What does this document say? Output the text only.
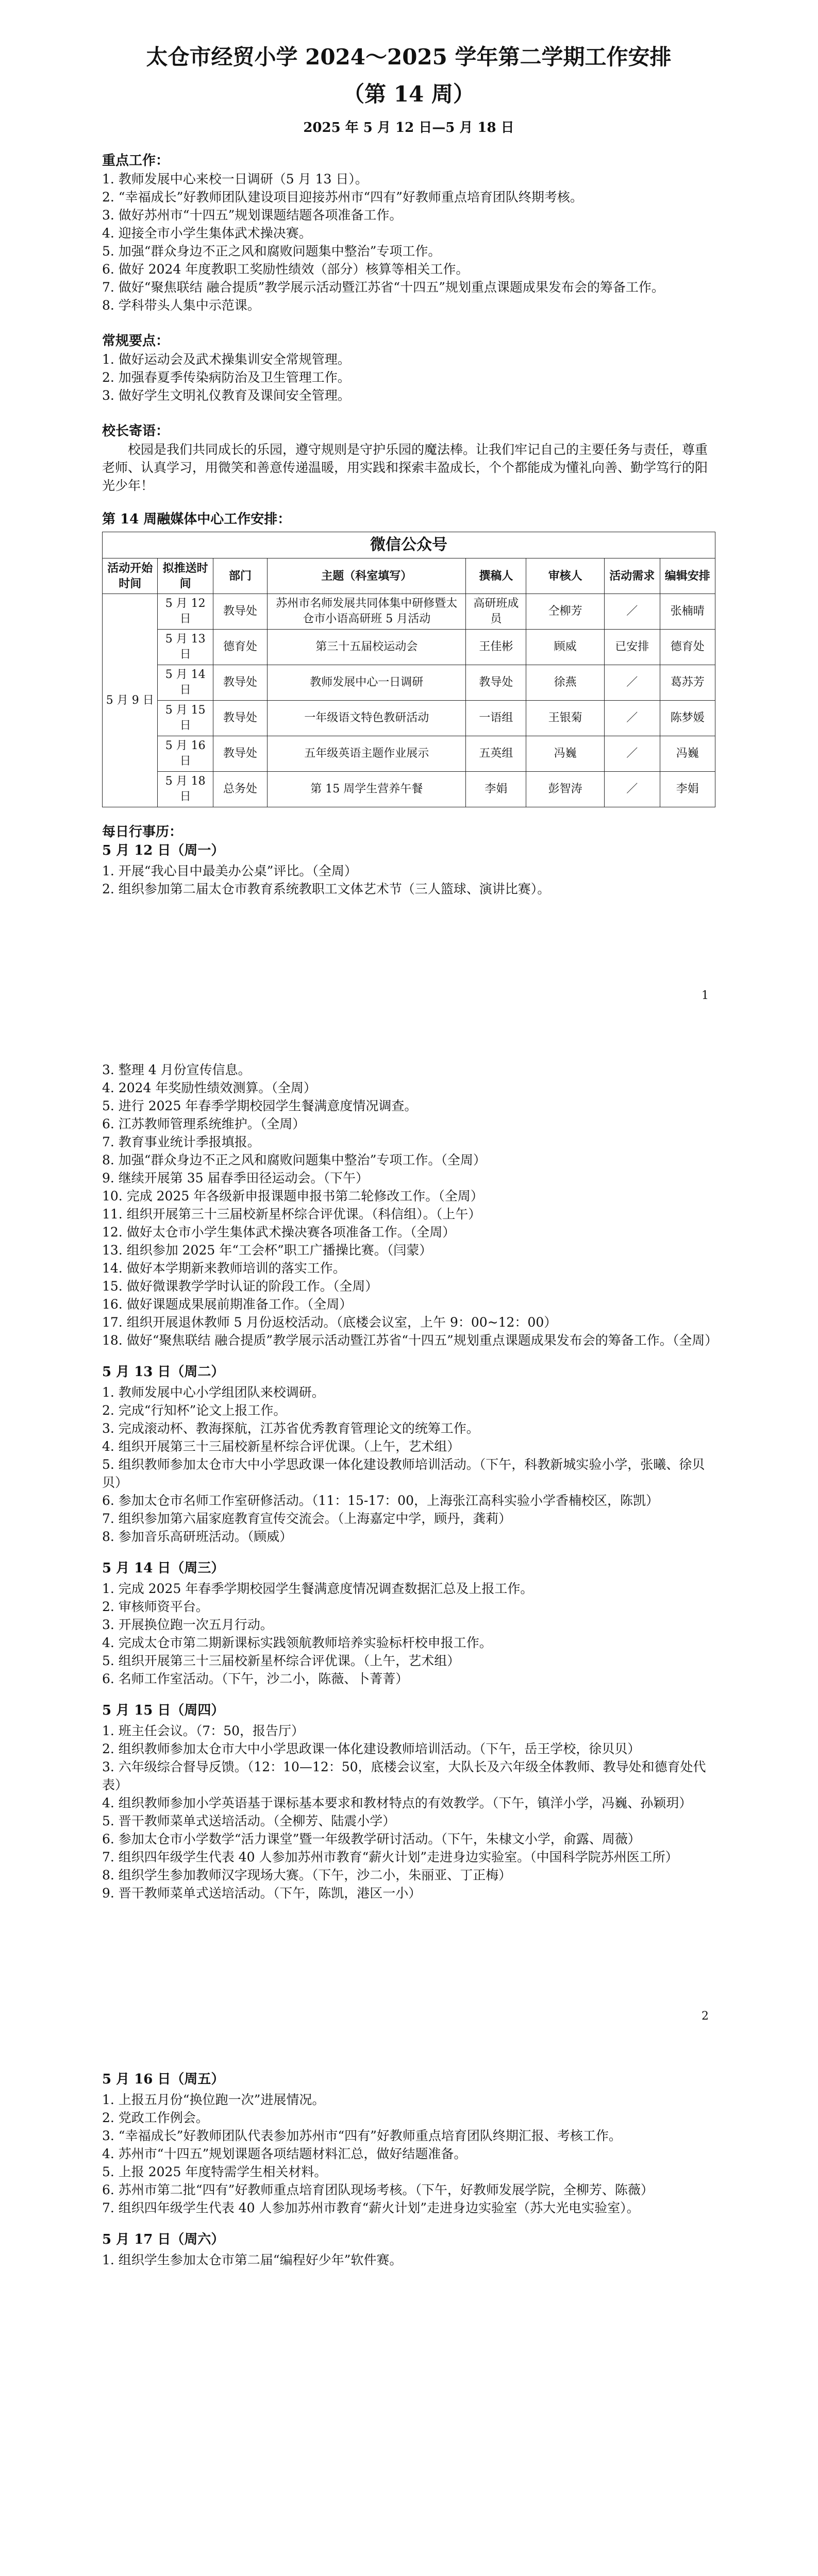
太仓市经贸小学 2024～2025 学年第二学期工作安排
（第 14 周）
2025 年 5 月 12 日—5 月 18 日

重点工作：

1. 教师发展中心来校一日调研（5 月 13 日）。
2. “幸福成长”好教师团队建设项目迎接苏州市“四有”好教师重点培育团队终期考核。
3. 做好苏州市“十四五”规划课题结题各项准备工作。
4. 迎接全市小学生集体武术操决赛。
5. 加强“群众身边不正之风和腐败问题集中整治”专项工作。
6. 做好 2024 年度教职工奖励性绩效（部分）核算等相关工作。
7. 做好“聚焦联结 融合提质”教学展示活动暨江苏省“十四五”规划重点课题成果发布会的筹备工作。
8. 学科带头人集中示范课。

常规要点：

1. 做好运动会及武术操集训安全常规管理。
2. 加强春夏季传染病防治及卫生管理工作。
3. 做好学生文明礼仪教育及课间安全管理。

校长寄语：

校园是我们共同成长的乐园，遵守规则是守护乐园的魔法棒。让我们牢记自己的主要任务与责任，尊重老师、认真学习，用微笑和善意传递温暖，用实践和探索丰盈成长，个个都能成为懂礼向善、勤学笃行的阳光少年！

第 14 周融媒体中心工作安排：

微信公众号							
活动开始时间	拟推送时间	部门	主题（科室填写）	撰稿人	审核人	活动需求	编辑安排
5 月 9 日	5 月 12 日	教导处	苏州市名师发展共同体集中研修暨太仓市小语高研班 5 月活动	高研班成员	仝柳芳	／	张楠晴
	5 月 13 日	德育处	第三十五届校运动会	王佳彬	顾威	已安排	德育处
	5 月 14 日	教导处	教师发展中心一日调研	教导处	徐燕	／	葛苏芳
	5 月 15 日	教导处	一年级语文特色教研活动	一语组	王银菊	／	陈梦媛
	5 月 16 日	教导处	五年级英语主题作业展示	五英组	冯巍	／	冯巍
	5 月 18 日	总务处	第 15 周学生营养午餐	李娟	彭智涛	／	李娟

每日行事历：

5 月 12 日（周一）
1. 开展“我心目中最美办公桌”评比。（全周）
2. 组织参加第二届太仓市教育系统教职工文体艺术节（三人篮球、演讲比赛）。
1
3. 整理 4 月份宣传信息。
4. 2024 年奖励性绩效测算。（全周）
5. 进行 2025 年春季学期校园学生餐满意度情况调查。
6. 江苏教师管理系统维护。（全周）
7. 教育事业统计季报填报。
8. 加强“群众身边不正之风和腐败问题集中整治”专项工作。（全周）
9. 继续开展第 35 届春季田径运动会。（下午）
10. 完成 2025 年各级新申报课题申报书第二轮修改工作。（全周）
11. 组织开展第三十三届校新星杯综合评优课。（科信组）。（上午）
12. 做好太仓市小学生集体武术操决赛各项准备工作。（全周）
13. 组织参加 2025 年“工会杯”职工广播操比赛。（闫蒙）
14. 做好本学期新来教师培训的落实工作。
15. 做好微课教学学时认证的阶段工作。（全周）
16. 做好课题成果展前期准备工作。（全周）
17. 组织开展退休教师 5 月份返校活动。（底楼会议室，上午 9：00~12：00）
18. 做好“聚焦联结 融合提质”教学展示活动暨江苏省“十四五”规划重点课题成果发布会的筹备工作。（全周）
5 月 13 日（周二）
1. 教师发展中心小学组团队来校调研。
2. 完成“行知杯”论文上报工作。
3. 完成滚动杯、教海探航，江苏省优秀教育管理论文的统筹工作。
4. 组织开展第三十三届校新星杯综合评优课。（上午，艺术组）
5. 组织教师参加太仓市大中小学思政课一体化建设教师培训活动。（下午，科教新城实验小学，张曦、徐贝贝）
6. 参加太仓市名师工作室研修活动。（11：15-17：00，上海张江高科实验小学香楠校区，陈凯）
7. 组织参加第六届家庭教育宣传交流会。（上海嘉定中学，顾丹，龚莉）
8. 参加音乐高研班活动。（顾威）
5 月 14 日（周三）
1. 完成 2025 年春季学期校园学生餐满意度情况调查数据汇总及上报工作。
2. 审核师资平台。
3. 开展换位跑一次五月行动。
4. 完成太仓市第二期新课标实践领航教师培养实验标杆校申报工作。
5. 组织开展第三十三届校新星杯综合评优课。（上午，艺术组）
6. 名师工作室活动。（下午，沙二小，陈薇、卜菁菁）
5 月 15 日（周四）
1. 班主任会议。（7：50，报告厅）
2. 组织教师参加太仓市大中小学思政课一体化建设教师培训活动。（下午，岳王学校，徐贝贝）
3. 六年级综合督导反馈。（12：10—12：50，底楼会议室，大队长及六年级全体教师、教导处和德育处代表）
4. 组织教师参加小学英语基于课标基本要求和教材特点的有效教学。（下午，镇洋小学，冯巍、孙颖玥）
5. 晋干教师菜单式送培活动。（全柳芳、陆震小学）
6. 参加太仓市小学数学“活力课堂”暨一年级教学研讨活动。（下午，朱棣文小学，俞露、周薇）
7. 组织四年级学生代表 40 人参加苏州市教育“薪火计划”走进身边实验室。（中国科学院苏州医工所）
8. 组织学生参加教师汉字现场大赛。（下午，沙二小，朱丽亚、丁正梅）
9. 晋干教师菜单式送培活动。（下午，陈凯，港区一小）
2
5 月 16 日（周五）
1. 上报五月份“换位跑一次”进展情况。
2. 党政工作例会。
3. “幸福成长”好教师团队代表参加苏州市“四有”好教师重点培育团队终期汇报、考核工作。
4. 苏州市“十四五”规划课题各项结题材料汇总，做好结题准备。
5. 上报 2025 年度特需学生相关材料。
6. 苏州市第二批“四有”好教师重点培育团队现场考核。（下午，好教师发展学院，全柳芳、陈薇）
7. 组织四年级学生代表 40 人参加苏州市教育“薪火计划”走进身边实验室（苏大光电实验室）。
5 月 17 日（周六）
1. 组织学生参加太仓市第二届“编程好少年”软件赛。
